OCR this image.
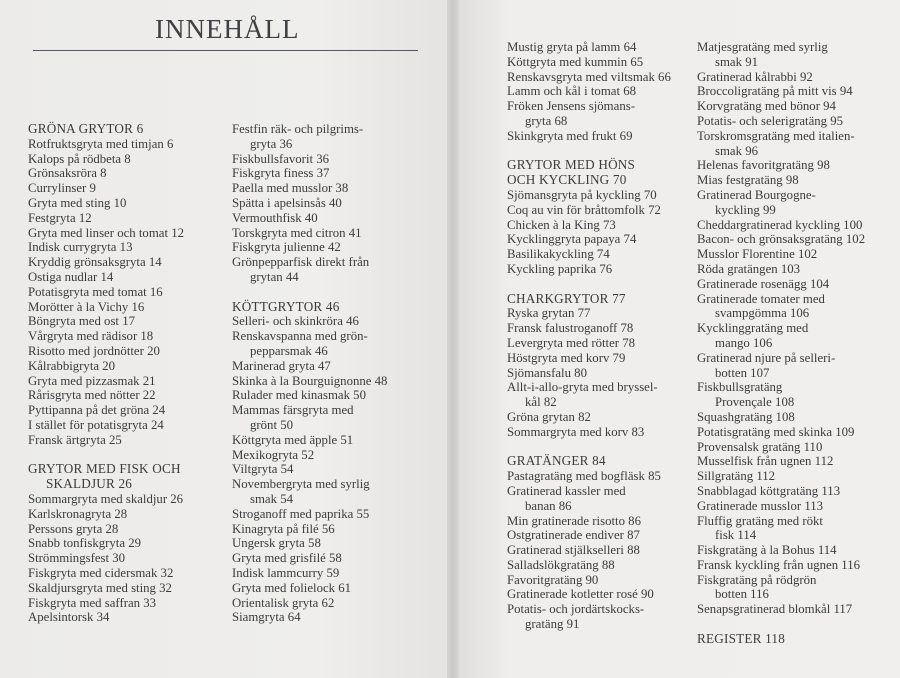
INNEHÅLL
GRÖNA GRYTOR 6
Rotfruktsgryta med timjan 6
Kalops på rödbeta 8
Grönsaksröra 8
Currylinser 9
Gryta med sting 10
Festgryta 12
Gryta med linser och tomat 12
Indisk currygryta 13
Kryddig grönsaksgryta 14
Ostiga nudlar 14
Potatisgryta med tomat 16
Morötter à la Vichy 16
Böngryta med ost 17
Vårgryta med rädisor 18
Risotto med jordnötter 20
Kålrabbigryta 20
Gryta med pizzasmak 21
Rårisgryta med nötter 22
Pyttipanna på det gröna 24
I stället för potatisgryta 24
Fransk ärtgryta 25
GRYTOR MED FISK OCH
SKALDJUR 26
Sommargryta med skaldjur 26
Karlskronagryta 28
Perssons gryta 28
Snabb tonfiskgryta 29
Strömmingsfest 30
Fiskgryta med cidersmak 32
Skaldjursgryta med sting 32
Fiskgryta med saffran 33
Apelsintorsk 34
Festfin räk- och pilgrims-
gryta 36
Fiskbullsfavorit 36
Fiskgryta finess 37
Paella med musslor 38
Spätta i apelsinsås 40
Vermouthfisk 40
Torskgryta med citron 41
Fiskgryta julienne 42
Grönpepparfisk direkt från
grytan 44
KÖTTGRYTOR 46
Selleri- och skinkröra 46
Renskavspanna med grön-
pepparsmak 46
Marinerad gryta 47
Skinka à la Bourguignonne 48
Rulader med kinasmak 50
Mammas färsgryta med
grönt 50
Köttgryta med äpple 51
Mexikogryta 52
Viltgryta 54
Novembergryta med syrlig
smak 54
Stroganoff med paprika 55
Kinagryta på filé 56
Ungersk gryta 58
Gryta med grisfilé 58
Indisk lammcurry 59
Gryta med folielock 61
Orientalisk gryta 62
Siamgryta 64
Mustig gryta på lamm 64
Köttgryta med kummin 65
Renskavsgryta med viltsmak 66
Lamm och kål i tomat 68
Fröken Jensens sjömans-
gryta 68
Skinkgryta med frukt 69
GRYTOR MED HÖNS
OCH KYCKLING 70
Sjömansgryta på kyckling 70
Coq au vin för bråttomfolk 72
Chicken à la King 73
Kycklinggryta papaya 74
Basilikakyckling 74
Kyckling paprika 76
CHARKGRYTOR 77
Ryska grytan 77
Fransk falustroganoff 78
Levergryta med rötter 78
Höstgryta med korv 79
Sjömansfalu 80
Allt-i-allo-gryta med bryssel-
kål 82
Gröna grytan 82
Sommargryta med korv 83
GRATÄNGER 84
Pastagratäng med bogfläsk 85
Gratinerad kassler med
banan 86
Min gratinerade risotto 86
Ostgratinerade endiver 87
Gratinerad stjälkselleri 88
Salladslökgratäng 88
Favoritgratäng 90
Gratinerade kotletter rosé 90
Potatis- och jordärtskocks-
gratäng 91
Matjesgratäng med syrlig
smak 91
Gratinerad kålrabbi 92
Broccoligratäng på mitt vis 94
Korvgratäng med bönor 94
Potatis- och selerigratäng 95
Torskromsgratäng med italien-
smak 96
Helenas favoritgratäng 98
Mias festgratäng 98
Gratinerad Bourgogne-
kyckling 99
Cheddargratinerad kyckling 100
Bacon- och grönsaksgratäng 102
Musslor Florentine 102
Röda gratängen 103
Gratinerade rosenägg 104
Gratinerade tomater med
svampgömma 106
Kycklinggratäng med
mango 106
Gratinerad njure på selleri-
botten 107
Fiskbullsgratäng
Provençale 108
Squashgratäng 108
Potatisgratäng med skinka 109
Provensalsk gratäng 110
Musselfisk från ugnen 112
Sillgratäng 112
Snabblagad köttgratäng 113
Gratinerade musslor 113
Fluffig gratäng med rökt
fisk 114
Fiskgratäng à la Bohus 114
Fransk kyckling från ugnen 116
Fiskgratäng på rödgrön
botten 116
Senapsgratinerad blomkål 117
REGISTER 118
